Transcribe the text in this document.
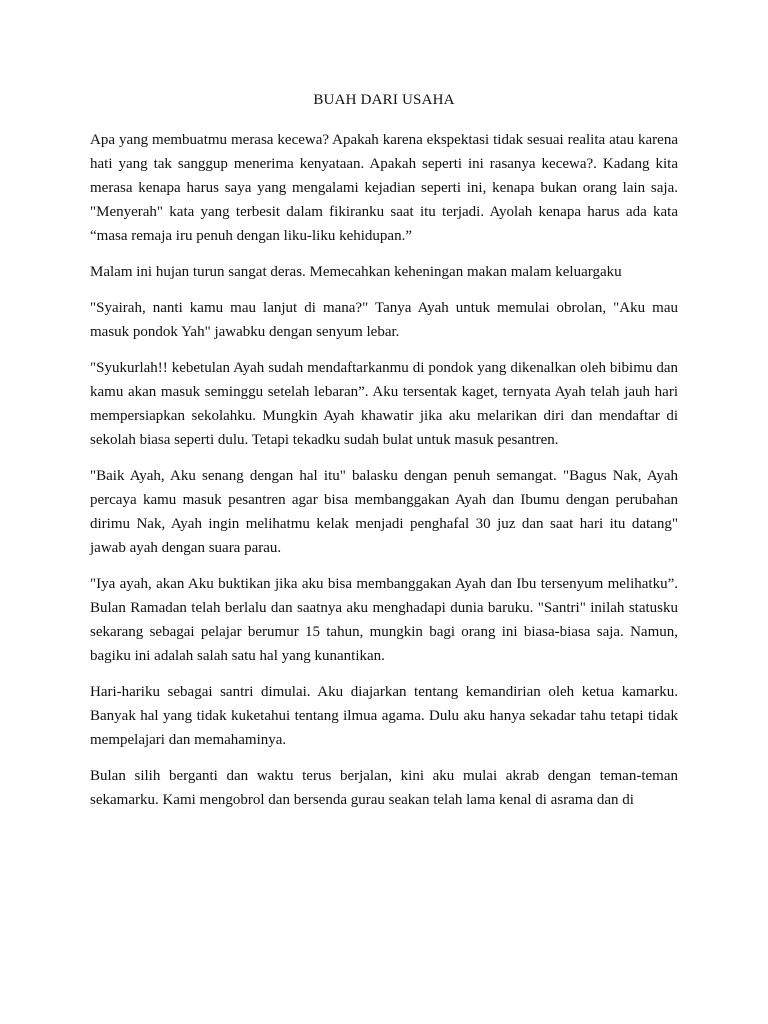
BUAH DARI USAHA

Apa yang membuatmu merasa kecewa? Apakah karena ekspektasi tidak sesuai realita atau karena hati yang tak sanggup menerima kenyataan. Apakah seperti ini rasanya kecewa?. Kadang kita merasa kenapa harus saya yang mengalami kejadian seperti ini, kenapa bukan orang lain saja. "Menyerah" kata yang terbesit dalam fikiranku saat itu terjadi. Ayolah kenapa harus ada kata “masa remaja iru penuh dengan liku-liku kehidupan.”

Malam ini hujan turun sangat deras. Memecahkan keheningan makan malam keluargaku

"Syairah, nanti kamu mau lanjut di mana?" Tanya Ayah untuk memulai obrolan, "Aku mau masuk pondok Yah" jawabku dengan senyum lebar.

"Syukurlah!! kebetulan Ayah sudah mendaftarkanmu di pondok yang dikenalkan oleh bibimu dan kamu akan masuk seminggu setelah lebaran”. Aku tersentak kaget, ternyata Ayah telah jauh hari mempersiapkan sekolahku. Mungkin Ayah khawatir jika aku melarikan diri dan mendaftar di sekolah biasa seperti dulu. Tetapi tekadku sudah bulat untuk masuk pesantren.

"Baik Ayah, Aku senang dengan hal itu" balasku dengan penuh semangat. "Bagus Nak, Ayah percaya kamu masuk pesantren agar bisa membanggakan Ayah dan Ibumu dengan perubahan dirimu Nak, Ayah ingin melihatmu kelak menjadi penghafal 30 juz dan saat hari itu datang" jawab ayah dengan suara parau.

"Iya ayah, akan Aku buktikan jika aku bisa membanggakan Ayah dan Ibu tersenyum melihatku”. Bulan Ramadan telah berlalu dan saatnya aku menghadapi dunia baruku. "Santri" inilah statusku sekarang sebagai pelajar berumur 15 tahun, mungkin bagi orang ini biasa-biasa saja. Namun, bagiku ini adalah salah satu hal yang kunantikan.

Hari-hariku sebagai santri dimulai. Aku diajarkan tentang kemandirian oleh ketua kamarku. Banyak hal yang tidak kuketahui tentang ilmua agama. Dulu aku hanya sekadar tahu tetapi tidak mempelajari dan memahaminya.

Bulan silih berganti dan waktu terus berjalan, kini aku mulai akrab dengan teman-teman sekamarku. Kami mengobrol dan bersenda gurau seakan telah lama kenal di asrama dan di
